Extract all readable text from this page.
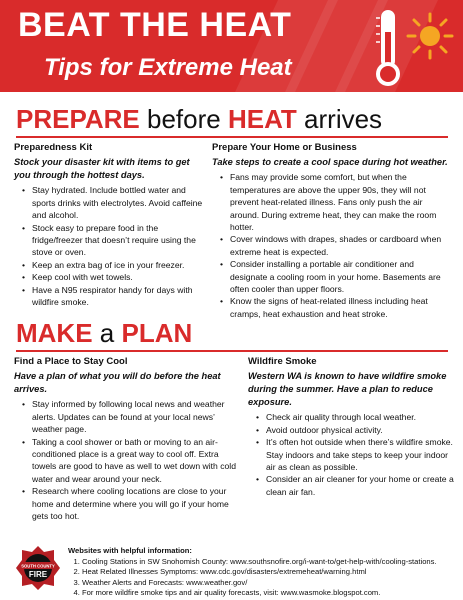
BEAT THE HEAT
Tips for Extreme Heat
PREPARE before HEAT arrives
Preparedness Kit
Stock your disaster kit with items to get you through the hottest days.
• Stay hydrated. Include bottled water and sports drinks with electrolytes. Avoid caffeine and alcohol.
• Stock easy to prepare food in the fridge/freezer that doesn’t require using the stove or oven.
• Keep an extra bag of ice in your freezer.
• Keep cool with wet towels.
• Have a N95 respirator handy for days with wildfire smoke.
Prepare Your Home or Business
Take steps to create a cool space during hot weather.
• Fans may provide some comfort, but when the temperatures are above the upper 90s, they will not prevent heat-related illness. Fans only push the air around. During extreme heat, they can make the room hotter.
• Cover windows with drapes, shades or cardboard when extreme heat is expected.
• Consider installing a portable air conditioner and designate a cooling room in your home. Basements are often cooler than upper floors.
• Know the signs of heat-related illness including heat cramps, heat exhaustion and heat stroke.
MAKE a PLAN
Find a Place to Stay Cool
Have a plan of what you will do before the heat arrives.
• Stay informed by following local news and weather alerts. Updates can be found at your local news’ weather page.
• Taking a cool shower or bath or moving to an air-conditioned place is a great way to cool off. Extra towels are good to have as well to wet down with cold water and wear around your neck.
• Research where cooling locations are close to your home and determine where you will go if your home gets too hot.
Wildfire Smoke
Western WA is known to have wildfire smoke during the summer. Have a plan to reduce exposure.
• Check air quality through local weather.
• Avoid outdoor physical activity.
• It’s often hot outside when there’s wildfire smoke. Stay indoors and take steps to keep your indoor air as clean as possible.
• Consider an air cleaner for your home or create a clean air fan.
SOUTH COUNTY
FIRE
Websites with helpful information:
1. Cooling Stations in SW Snohomish County: www.southsnofire.org/i-want-to/get-help-with/cooling-stations.
2. Heat Related Illnesses Symptoms: www.cdc.gov/disasters/extremeheat/warning.html
3. Weather Alerts and Forecasts: www.weather.gov/
4. For more wildfire smoke tips and air quality forecasts, visit: www.wasmoke.blogspot.com.
